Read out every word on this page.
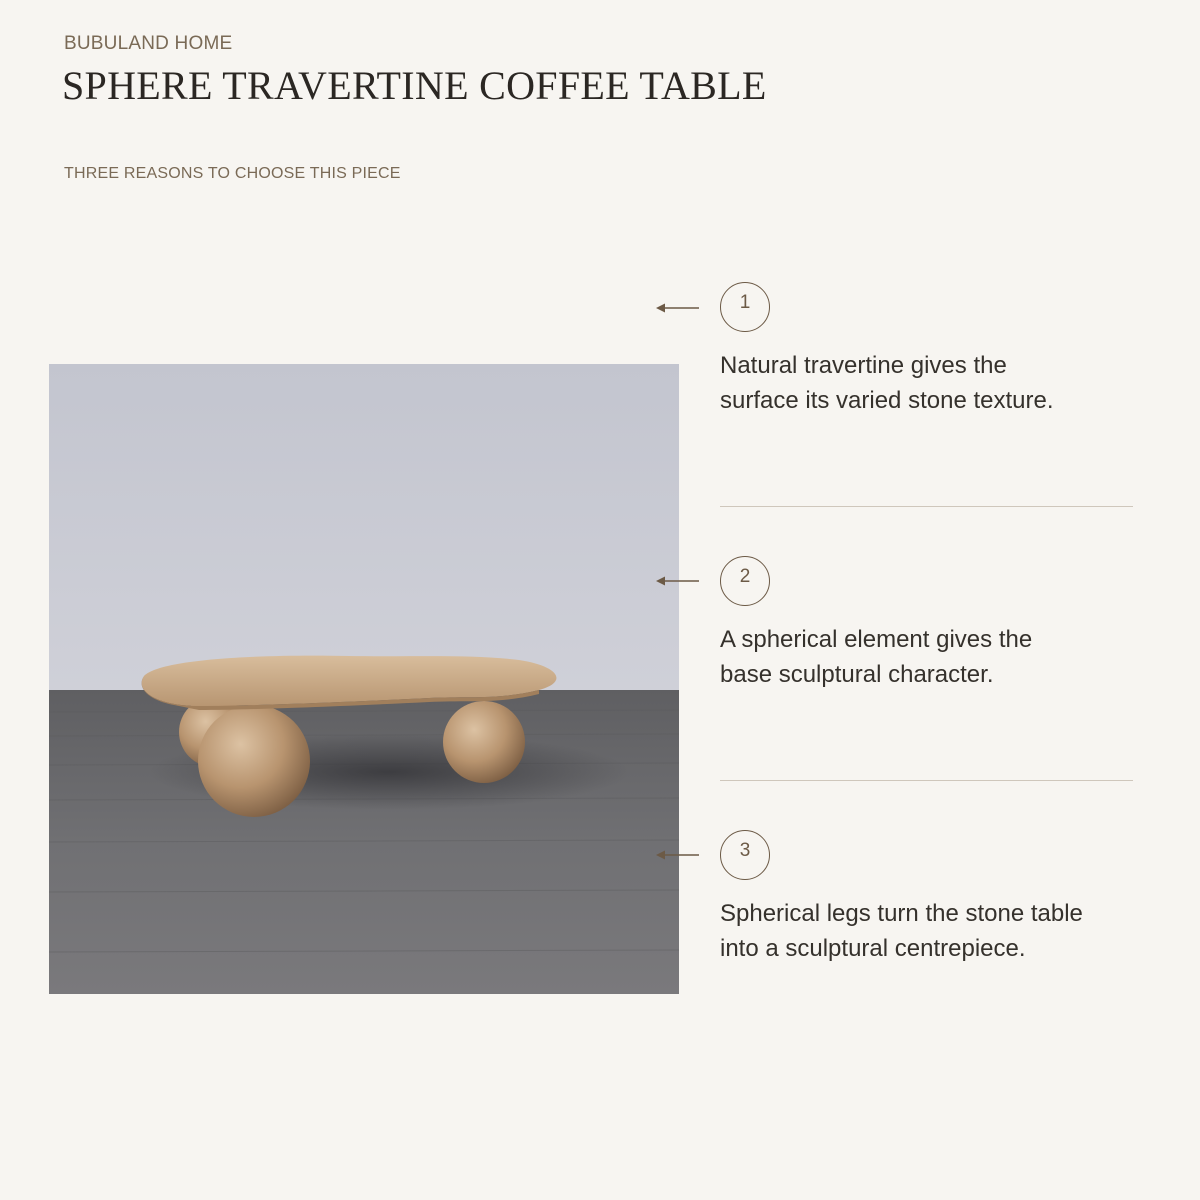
BUBULAND HOME
SPHERE TRAVERTINE COFFEE TABLE
THREE REASONS TO CHOOSE THIS PIECE
1
Natural travertine gives the surface its varied stone texture.
2
A spherical element gives the base sculptural character.
3
Spherical legs turn the stone table into a sculptural centrepiece.
